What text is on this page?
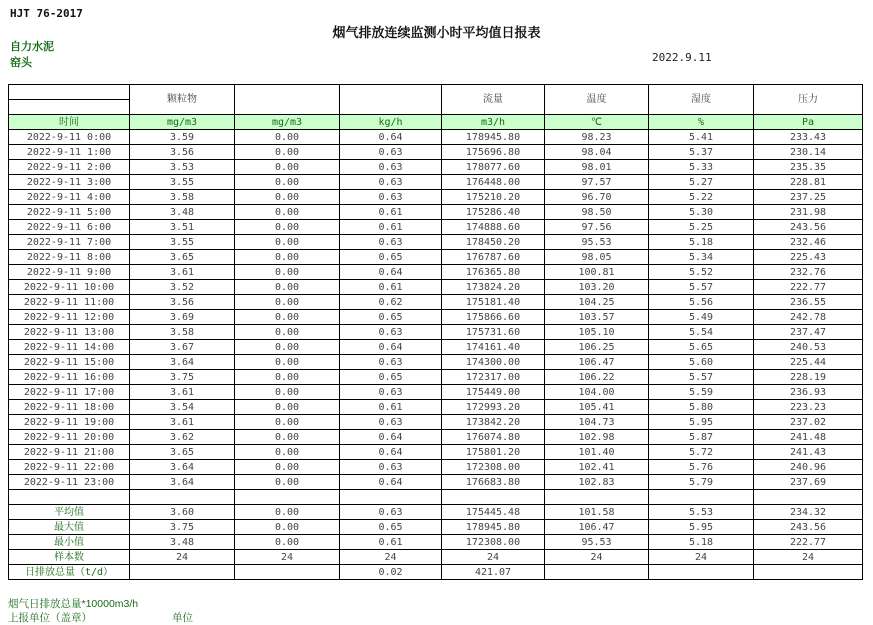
HJT 76-2017
烟气排放连续监测小时平均值日报表
自力水泥
窑头	2022.9.11
	颗粒物			流量	温度	湿度	压力

时间	mg/m3	mg/m3	kg/h	m3/h	℃	%	Pa
2022-9-11 0:00	3.59	0.00	0.64	178945.80	98.23	5.41	233.43
2022-9-11 1:00	3.56	0.00	0.63	175696.80	98.04	5.37	230.14
2022-9-11 2:00	3.53	0.00	0.63	178077.60	98.01	5.33	235.35
2022-9-11 3:00	3.55	0.00	0.63	176448.00	97.57	5.27	228.81
2022-9-11 4:00	3.58	0.00	0.63	175210.20	96.70	5.22	237.25
2022-9-11 5:00	3.48	0.00	0.61	175286.40	98.50	5.30	231.98
2022-9-11 6:00	3.51	0.00	0.61	174888.60	97.56	5.25	243.56
2022-9-11 7:00	3.55	0.00	0.63	178450.20	95.53	5.18	232.46
2022-9-11 8:00	3.65	0.00	0.65	176787.60	98.05	5.34	225.43
2022-9-11 9:00	3.61	0.00	0.64	176365.80	100.81	5.52	232.76
2022-9-11 10:00	3.52	0.00	0.61	173824.20	103.20	5.57	222.77
2022-9-11 11:00	3.56	0.00	0.62	175181.40	104.25	5.56	236.55
2022-9-11 12:00	3.69	0.00	0.65	175866.60	103.57	5.49	242.78
2022-9-11 13:00	3.58	0.00	0.63	175731.60	105.10	5.54	237.47
2022-9-11 14:00	3.67	0.00	0.64	174161.40	106.25	5.65	240.53
2022-9-11 15:00	3.64	0.00	0.63	174300.00	106.47	5.60	225.44
2022-9-11 16:00	3.75	0.00	0.65	172317.00	106.22	5.57	228.19
2022-9-11 17:00	3.61	0.00	0.63	175449.00	104.00	5.59	236.93
2022-9-11 18:00	3.54	0.00	0.61	172993.20	105.41	5.80	223.23
2022-9-11 19:00	3.61	0.00	0.63	173842.20	104.73	5.95	237.02
2022-9-11 20:00	3.62	0.00	0.64	176074.80	102.98	5.87	241.48
2022-9-11 21:00	3.65	0.00	0.64	175801.20	101.40	5.72	241.43
2022-9-11 22:00	3.64	0.00	0.63	172308.00	102.41	5.76	240.96
2022-9-11 23:00	3.64	0.00	0.64	176683.80	102.83	5.79	237.69

平均值	3.60	0.00	0.63	175445.48	101.58	5.53	234.32
最大值	3.75	0.00	0.65	178945.80	106.47	5.95	243.56
最小值	3.48	0.00	0.61	172308.00	95.53	5.18	222.77
样本数	24	24	24	24	24	24	24
日排放总量（t/d）			0.02	421.07			
烟气日排放总量*10000m3/h
上报单位（盖章）	单位
